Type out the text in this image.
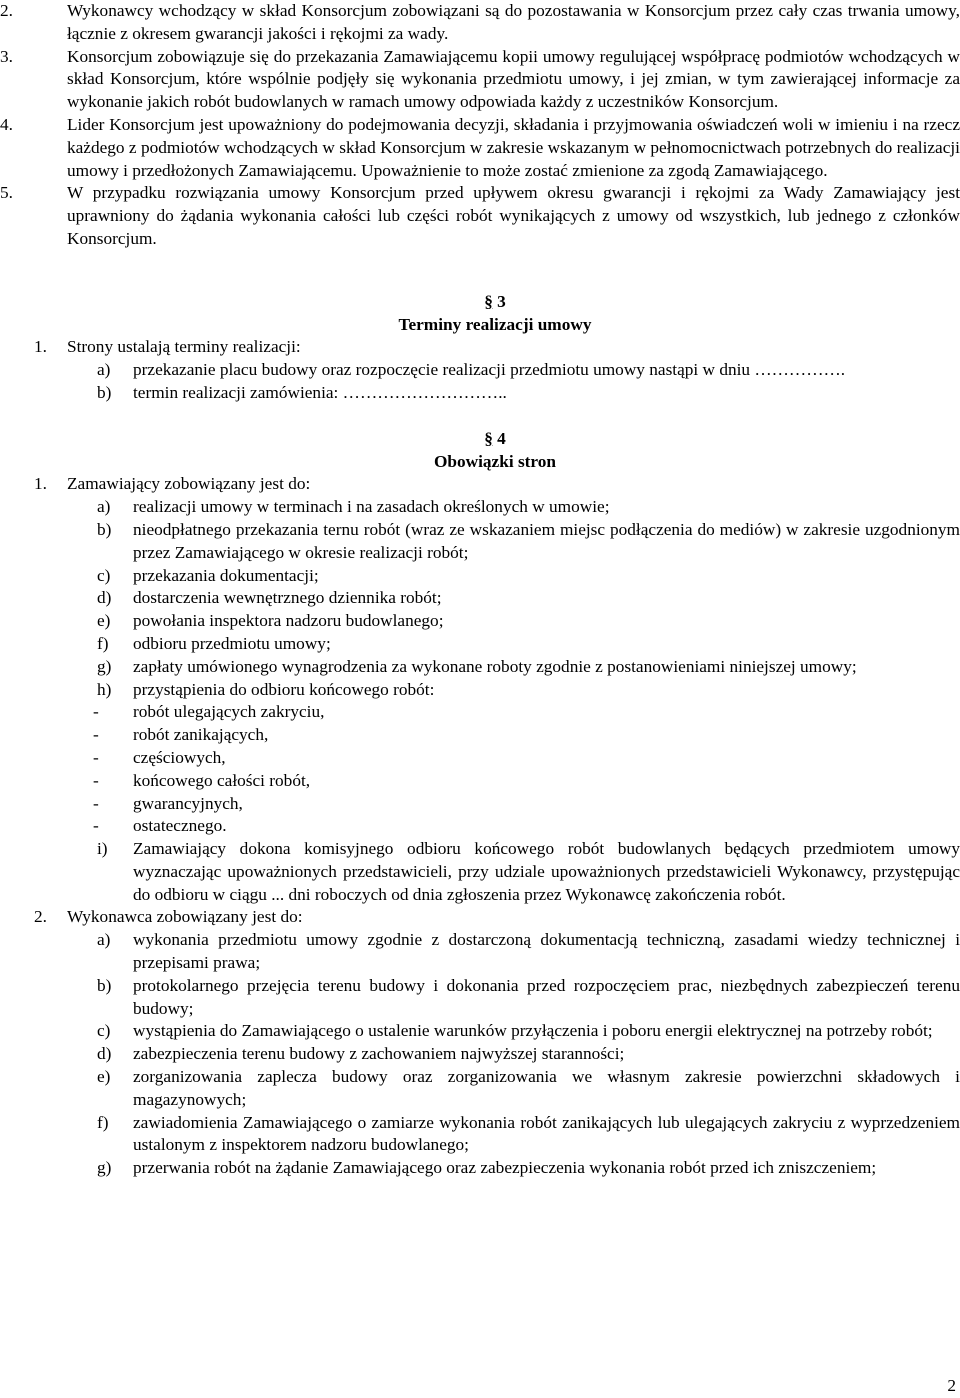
2.	Wykonawcy wchodzący w skład Konsorcjum zobowiązani są do pozostawania w Konsorcjum przez cały czas trwania umowy, łącznie z okresem gwarancji jakości i rękojmi za wady.
3.	Konsorcjum zobowiązuje się do przekazania Zamawiającemu kopii umowy regulującej współpracę podmiotów wchodzących w skład Konsorcjum, które wspólnie podjęły się wykonania przedmiotu umowy, i jej zmian, w tym zawierającej informacje za wykonanie jakich robót budowlanych w ramach umowy odpowiada każdy z uczestników Konsorcjum.
4.	Lider Konsorcjum jest upoważniony do podejmowania decyzji, składania i przyjmowania oświadczeń woli w imieniu i na rzecz każdego z podmiotów wchodzących w skład Konsorcjum w zakresie wskazanym w pełnomocnictwach potrzebnych do realizacji umowy i przedłożonych Zamawiającemu. Upoważnienie to może zostać zmienione za zgodą Zamawiającego.
5.	W przypadku rozwiązania umowy Konsorcjum przed upływem okresu gwarancji i rękojmi za Wady Zamawiający jest uprawniony do żądania wykonania całości lub części robót wynikających z umowy od wszystkich, lub jednego z członków Konsorcjum.
§ 3
Terminy realizacji umowy
1. Strony ustalają terminy realizacji:
a) przekazanie placu budowy oraz rozpoczęcie realizacji przedmiotu umowy nastąpi w dniu …………….
b) termin realizacji zamówienia: ………………………..
§ 4
Obowiązki stron
1. Zamawiający zobowiązany jest do:
a) realizacji umowy w terminach i na zasadach określonych w umowie;
b) nieodpłatnego przekazania ternu robót (wraz ze wskazaniem miejsc podłączenia do mediów) w zakresie uzgodnionym przez Zamawiającego w okresie realizacji robót;
c) przekazania dokumentacji;
d) dostarczenia wewnętrznego dziennika robót;
e) powołania inspektora nadzoru budowlanego;
f) odbioru przedmiotu umowy;
g) zapłaty umówionego wynagrodzenia za wykonane roboty zgodnie z postanowieniami niniejszej umowy;
h) przystąpienia do odbioru końcowego robót:
- robót ulegających zakryciu,
- robót zanikających,
- częściowych,
- końcowego całości robót,
- gwarancyjnych,
- ostatecznego.
i) Zamawiający dokona komisyjnego odbioru końcowego robót budowlanych będących przedmiotem umowy wyznaczając upoważnionych przedstawicieli, przy udziale upoważnionych przedstawicieli Wykonawcy, przystępując do odbioru w ciągu ... dni roboczych od dnia zgłoszenia przez Wykonawcę zakończenia robót.
2. Wykonawca zobowiązany jest do:
a) wykonania przedmiotu umowy zgodnie z dostarczoną dokumentacją techniczną, zasadami wiedzy technicznej i przepisami prawa;
b) protokolarnego przejęcia terenu budowy i dokonania przed rozpoczęciem prac, niezbędnych zabezpieczeń terenu budowy;
c) wystąpienia do Zamawiającego o ustalenie warunków przyłączenia i poboru energii elektrycznej na potrzeby robót;
d) zabezpieczenia terenu budowy z zachowaniem najwyższej staranności;
e) zorganizowania zaplecza budowy oraz zorganizowania we własnym zakresie powierzchni składowych i magazynowych;
f) zawiadomienia Zamawiającego o zamiarze wykonania robót zanikających lub ulegających zakryciu z wyprzedzeniem ustalonym z inspektorem nadzoru budowlanego;
g) przerwania robót na żądanie Zamawiającego oraz zabezpieczenia wykonania robót przed ich zniszczeniem;
2
